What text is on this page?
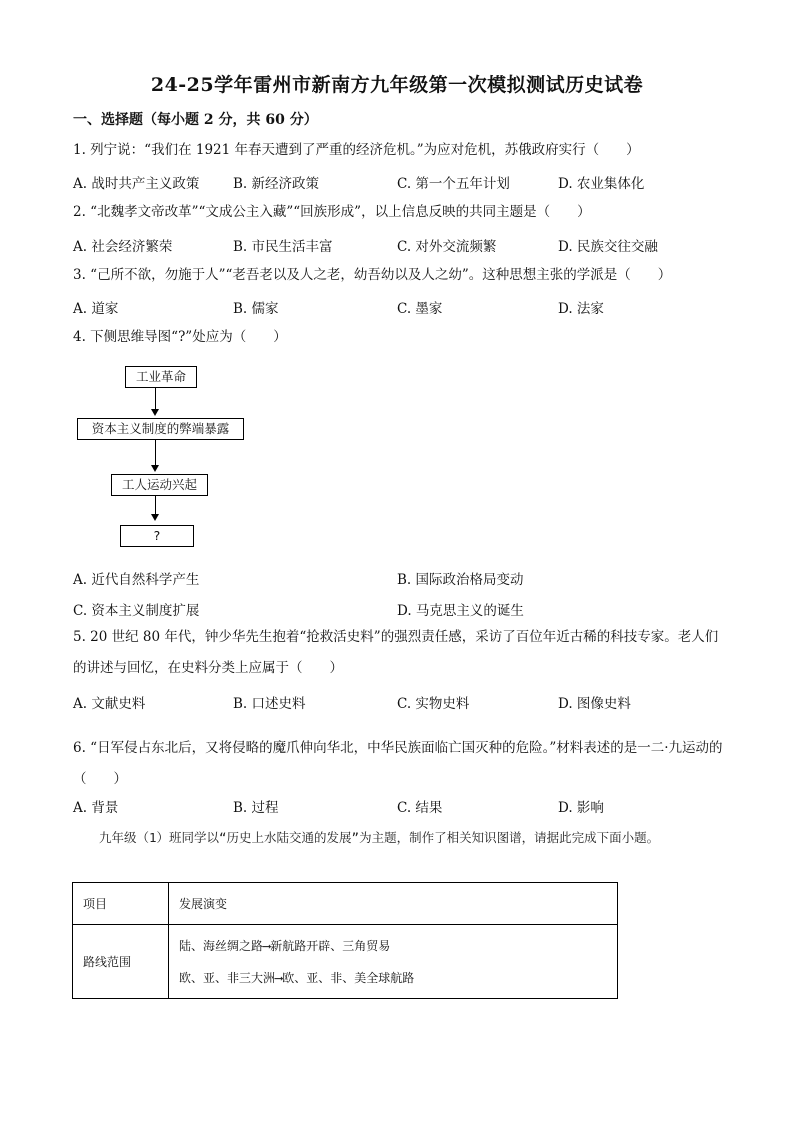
24-25学年雷州市新南方九年级第一次模拟测试历史试卷
一、选择题（每小题 2 分，共 60 分）
1. 列宁说：“我们在 1921 年春天遭到了严重的经济危机。”为应对危机，苏俄政府实行（　　）
A. 战时共产主义政策 B. 新经济政策	C. 第一个五年计划	D. 农业集体化
2. “北魏孝文帝改革”“文成公主入藏”“回族形成”，以上信息反映的共同主题是（　　）
A. 社会经济繁荣	B. 市民生活丰富	C. 对外交流频繁	D. 民族交往交融
3. “己所不欲，勿施于人”“老吾老以及人之老，幼吾幼以及人之幼”。这种思想主张的学派是（　　）
A. 道家	B. 儒家	C. 墨家	D. 法家
4. 下侧思维导图“?”处应为（　　）
工业革命
资本主义制度的弊端暴露
工人运动兴起
?
A. 近代自然科学产生	B. 国际政治格局变动
C. 资本主义制度扩展	D. 马克思主义的诞生
5. 20 世纪 80 年代，钟少华先生抱着“抢救活史料”的强烈责任感，采访了百位年近古稀的科技专家。老人们的讲述与回忆，在史料分类上应属于（　　）
A. 文献史料	B. 口述史料	C. 实物史料	D. 图像史料
6. “日军侵占东北后，又将侵略的魔爪伸向华北，中华民族面临亡国灭种的危险。”材料表述的是一二·九运动的（　　）
A. 背景	B. 过程	C. 结果	D. 影响
九年级（1）班同学以“历史上水陆交通的发展”为主题，制作了相关知识图谱，请据此完成下面小题。
项目	发展演变
路线范围	陆、海丝绸之路⟶新航路开辟、三角贸易
欧、亚、非三大洲⟶欧、亚、非、美全球航路
